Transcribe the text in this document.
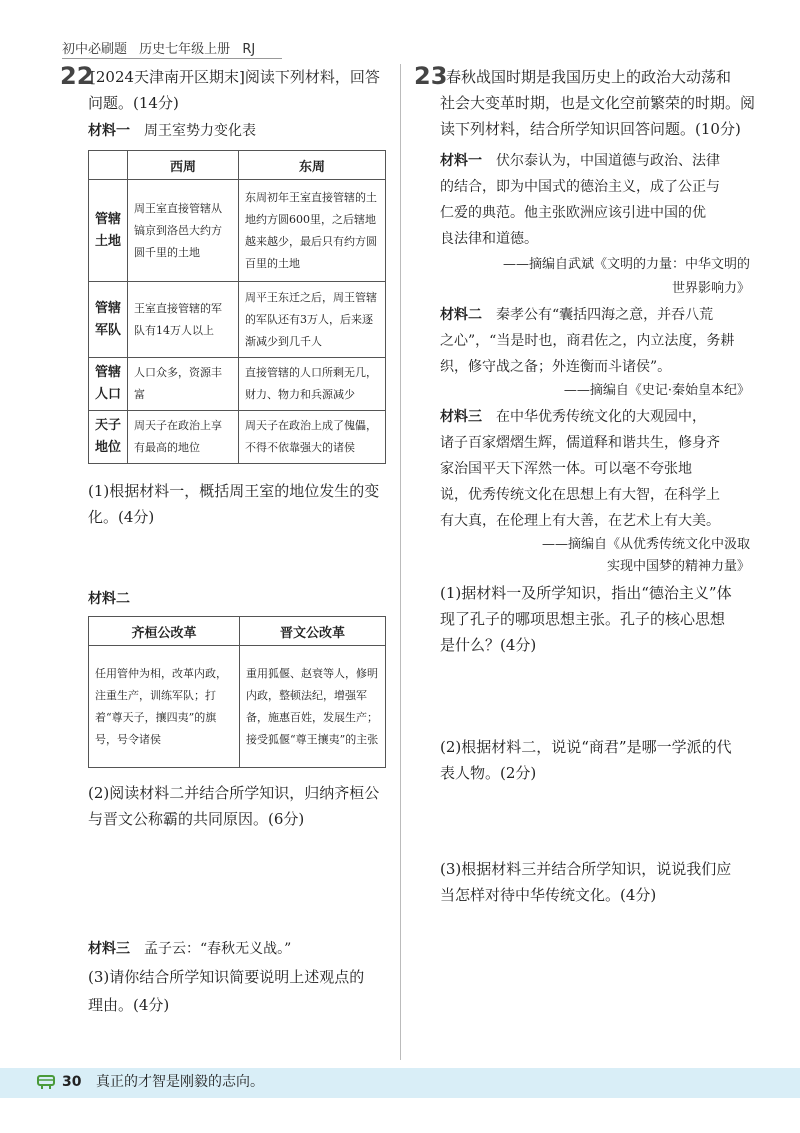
初中必刷题 历史七年级上册 RJ
22
[2024天津南开区期末]阅读下列材料，回答
问题。(14分)
材料一 周王室势力变化表
	西周	东周
管辖土地	周王室直接管辖从镐京到洛邑大约方圆千里的土地	东周初年王室直接管辖的土地约方圆600里，之后辖地越来越少，最后只有约方圆百里的土地
管辖军队	王室直接管辖的军队有14万人以上	周平王东迁之后，周王管辖的军队还有3万人，后来逐渐减少到几千人
管辖人口	人口众多，资源丰富	直接管辖的人口所剩无几，财力、物力和兵源减少
天子地位	周天子在政治上享有最高的地位	周天子在政治上成了傀儡，不得不依靠强大的诸侯
(1)根据材料一，概括周王室的地位发生的变
化。(4分)
材料二
齐桓公改革	晋文公改革
任用管仲为相，改革内政，注重生产，训练军队；打着“尊天子，攘四夷”的旗号，号令诸侯	重用狐偃、赵衰等人，修明内政，整顿法纪，增强军备，施惠百姓，发展生产；接受狐偃“尊王攘夷”的主张
(2)阅读材料二并结合所学知识，归纳齐桓公
与晋文公称霸的共同原因。(6分)
材料三 孟子云：“春秋无义战。”
(3)请你结合所学知识简要说明上述观点的
理由。(4分)
23
春秋战国时期是我国历史上的政治大动荡和
社会大变革时期，也是文化空前繁荣的时期。阅
读下列材料，结合所学知识回答问题。(10分)
材料一 伏尔泰认为，中国道德与政治、法律
的结合，即为中国式的德治主义，成了公正与
仁爱的典范。他主张欧洲应该引进中国的优
良法律和道德。
——摘编自武斌《文明的力量：中华文明的
世界影响力》
材料二 秦孝公有“囊括四海之意，并吞八荒
之心”，“当是时也，商君佐之，内立法度，务耕
织，修守战之备；外连衡而斗诸侯”。
——摘编自《史记·秦始皇本纪》
材料三 在中华优秀传统文化的大观园中，
诸子百家熠熠生辉，儒道释和谐共生，修身齐
家治国平天下浑然一体。可以毫不夸张地
说，优秀传统文化在思想上有大智，在科学上
有大真，在伦理上有大善，在艺术上有大美。
——摘编自《从优秀传统文化中汲取
实现中国梦的精神力量》
(1)据材料一及所学知识，指出“德治主义”体
现了孔子的哪项思想主张。孔子的核心思想
是什么？(4分)
(2)根据材料二，说说“商君”是哪一学派的代
表人物。(2分)
(3)根据材料三并结合所学知识，说说我们应
当怎样对待中华传统文化。(4分)
30 真正的才智是刚毅的志向。
